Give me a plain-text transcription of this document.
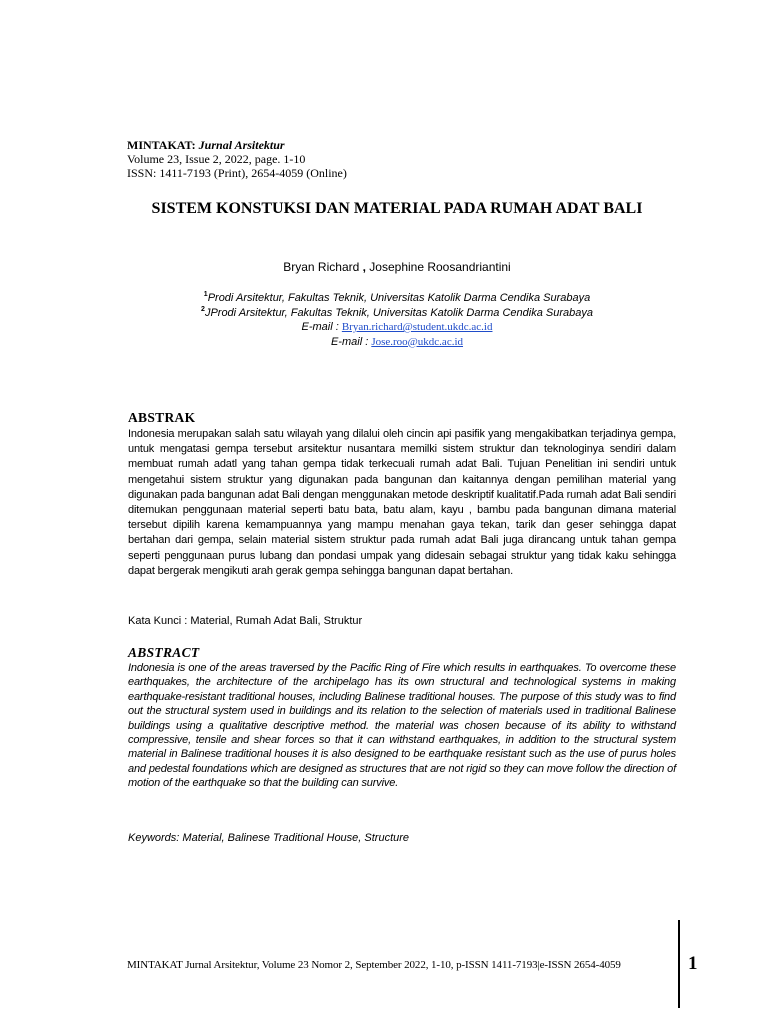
MINTAKAT: Jurnal Arsitektur
Volume 23, Issue 2, 2022, page. 1-10
ISSN: 1411-7193 (Print), 2654-4059 (Online)
SISTEM KONSTUKSI DAN MATERIAL PADA RUMAH ADAT BALI
Bryan Richard , Josephine Roosandriantini
$^1$Prodi Arsitektur, Fakultas Teknik, Universitas Katolik Darma Cendika Surabaya
$^2$JProdi Arsitektur, Fakultas Teknik, Universitas Katolik Darma Cendika Surabaya
E-mail : Bryan.richard@student.ukdc.ac.id
E-mail : Jose.roo@ukdc.ac.id
ABSTRAK

Indonesia merupakan salah satu wilayah yang dilalui oleh cincin api pasifik yang mengakibatkan terjadinya gempa, untuk mengatasi gempa tersebut arsitektur nusantara memilki sistem struktur dan teknologinya sendiri dalam membuat rumah adatl yang tahan gempa tidak terkecuali rumah adat Bali. Tujuan Penelitian ini sendiri untuk mengetahui sistem struktur yang digunakan pada bangunan dan kaitannya dengan pemilihan material yang digunakan pada bangunan adat Bali dengan menggunakan metode deskriptif kualitatif.Pada rumah adat Bali sendiri ditemukan penggunaan material seperti batu bata, batu alam, kayu , bambu pada bangunan dimana material tersebut dipilih karena kemampuannya yang mampu menahan gaya tekan, tarik dan geser sehingga dapat bertahan dari gempa, selain material sistem struktur pada rumah adat Bali juga dirancang untuk tahan gempa seperti penggunaan purus lubang dan pondasi umpak yang didesain sebagai struktur yang tidak kaku sehingga dapat bergerak mengikuti arah gerak gempa sehingga bangunan dapat bertahan.

Kata Kunci : Material, Rumah Adat Bali, Struktur
ABSTRACT

Indonesia is one of the areas traversed by the Pacific Ring of Fire which results in earthquakes. To overcome these earthquakes, the architecture of the archipelago has its own structural and technological systems in making earthquake-resistant traditional houses, including Balinese traditional houses. The purpose of this study was to find out the structural system used in buildings and its relation to the selection of materials used in traditional Balinese buildings using a qualitative descriptive method. the material was chosen because of its ability to withstand compressive, tensile and shear forces so that it can withstand earthquakes, in addition to the structural system material in Balinese traditional houses it is also designed to be earthquake resistant such as the use of purus holes and pedestal foundations which are designed as structures that are not rigid so they can move follow the direction of motion of the earthquake so that the building can survive.

Keywords: Material, Balinese Traditional House, Structure
MINTAKAT Jurnal Arsitektur, Volume 23 Nomor 2, September 2022, 1-10, p-ISSN 1411-7193|e-ISSN 2654-4059	1
